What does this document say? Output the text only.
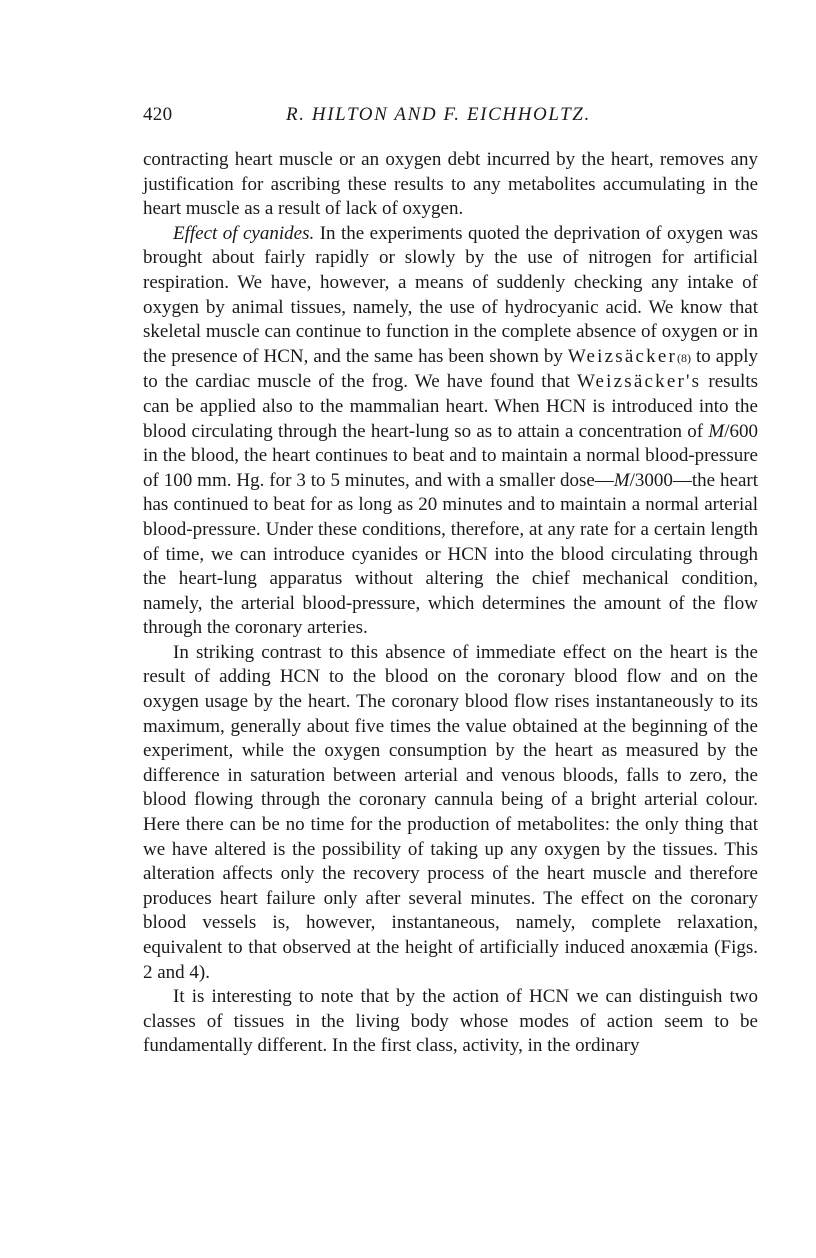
420	R. HILTON AND F. EICHHOLTZ.

contracting heart muscle or an oxygen debt incurred by the heart, removes any justification for ascribing these results to any metabolites accumulating in the heart muscle as a result of lack of oxygen.

Effect of cyanides. In the experiments quoted the deprivation of oxygen was brought about fairly rapidly or slowly by the use of nitrogen for artificial respiration. We have, however, a means of suddenly checking any intake of oxygen by animal tissues, namely, the use of hydrocyanic acid. We know that skeletal muscle can continue to function in the complete absence of oxygen or in the presence of HCN, and the same has been shown by Weizsäcker(8) to apply to the cardiac muscle of the frog. We have found that Weizsäcker's results can be applied also to the mammalian heart. When HCN is introduced into the blood circulating through the heart-lung so as to attain a concentration of M/600 in the blood, the heart continues to beat and to maintain a normal blood-pressure of 100 mm. Hg. for 3 to 5 minutes, and with a smaller dose—M/3000—the heart has continued to beat for as long as 20 minutes and to maintain a normal arterial blood-pressure. Under these conditions, therefore, at any rate for a certain length of time, we can introduce cyanides or HCN into the blood circulating through the heart-lung apparatus without altering the chief mechanical condition, namely, the arterial blood-pressure, which determines the amount of the flow through the coronary arteries.

In striking contrast to this absence of immediate effect on the heart is the result of adding HCN to the blood on the coronary blood flow and on the oxygen usage by the heart. The coronary blood flow rises instantaneously to its maximum, generally about five times the value obtained at the beginning of the experiment, while the oxygen consumption by the heart as measured by the difference in saturation between arterial and venous bloods, falls to zero, the blood flowing through the coronary cannula being of a bright arterial colour. Here there can be no time for the production of metabolites: the only thing that we have altered is the possibility of taking up any oxygen by the tissues. This alteration affects only the recovery process of the heart muscle and therefore produces heart failure only after several minutes. The effect on the coronary blood vessels is, however, instantaneous, namely, complete relaxation, equivalent to that observed at the height of artificially induced anoxæmia (Figs. 2 and 4).

It is interesting to note that by the action of HCN we can distinguish two classes of tissues in the living body whose modes of action seem to be fundamentally different. In the first class, activity, in the ordinary
